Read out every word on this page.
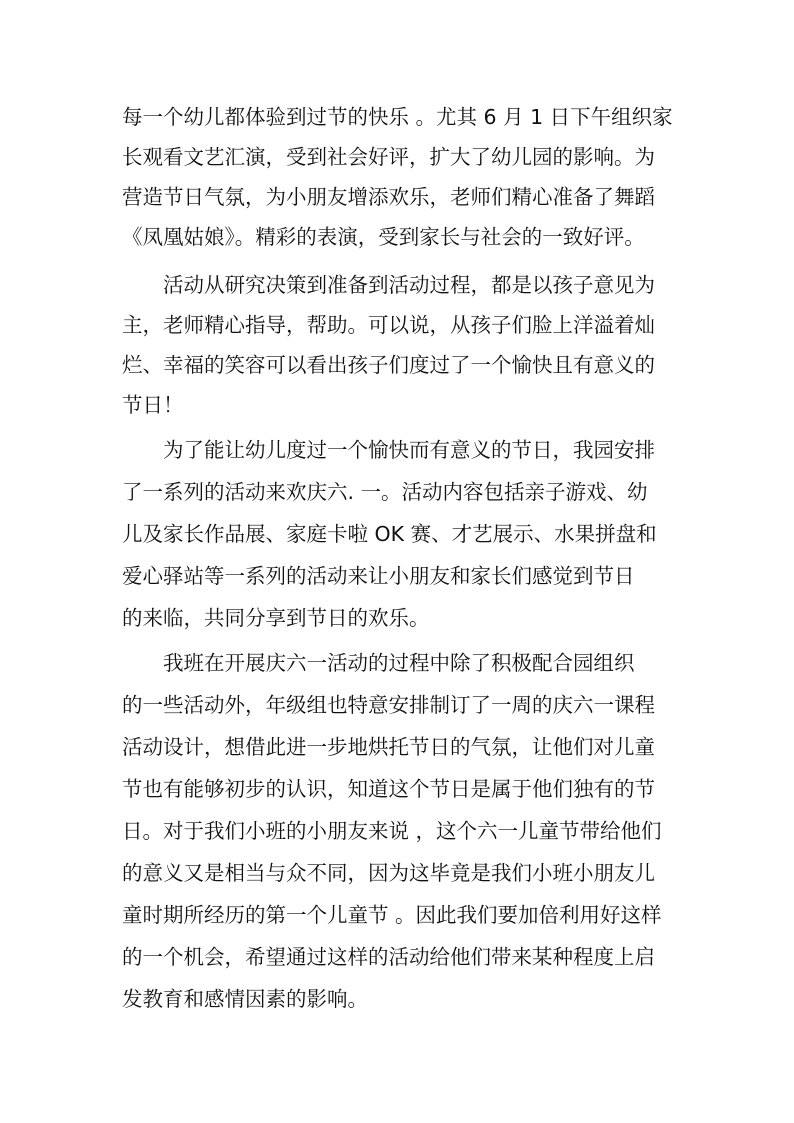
每一个幼儿都体验到过节的快乐 。尤其 6 月 1 日下午组织家
长观看文艺汇演，受到社会好评，扩大了幼儿园的影响。为
营造节日气氛，为小朋友增添欢乐，老师们精心准备了舞蹈
《凤凰姑娘》。精彩的表演，受到家长与社会的一致好评。
活动从研究决策到准备到活动过程，都是以孩子意见为
主，老师精心指导，帮助。可以说，从孩子们脸上洋溢着灿
烂、幸福的笑容可以看出孩子们度过了一个愉快且有意义的
节日！
为了能让幼儿度过一个愉快而有意义的节日，我园安排
了一系列的活动来欢庆六. 一。活动内容包括亲子游戏、幼
儿及家长作品展、家庭卡啦 OK 赛、才艺展示、水果拼盘和
爱心驿站等一系列的活动来让小朋友和家长们感觉到节日
的来临，共同分享到节日的欢乐。
我班在开展庆六一活动的过程中除了积极配合园组织
的一些活动外，年级组也特意安排制订了一周的庆六一课程
活动设计，想借此进一步地烘托节日的气氛，让他们对儿童
节也有能够初步的认识，知道这个节日是属于他们独有的节
日。对于我们小班的小朋友来说 ，这个六一儿童节带给他们
的意义又是相当与众不同，因为这毕竟是我们小班小朋友儿
童时期所经历的第一个儿童节 。因此我们要加倍利用好这样
的一个机会，希望通过这样的活动给他们带来某种程度上启
发教育和感情因素的影响。
